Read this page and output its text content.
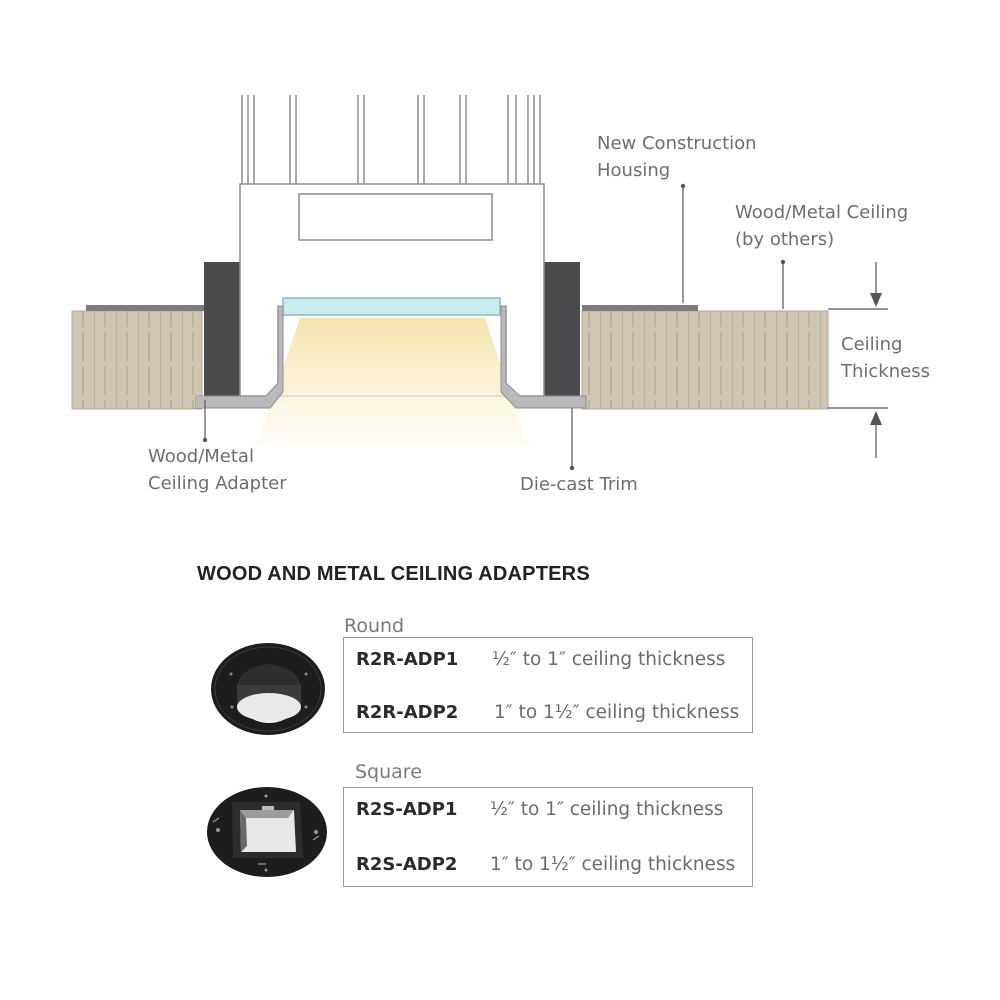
New Construction
Housing
Wood/Metal Ceiling
(by others)
Ceiling
Thickness
Wood/Metal
Ceiling Adapter	Die-cast Trim
WOOD AND METAL CEILING ADAPTERS
Round
R2R-ADP1 ½″ to 1″ ceiling thickness
R2R-ADP2 1″ to 1½″ ceiling thickness
Square
R2S-ADP1 ½″ to 1″ ceiling thickness
R2S-ADP2 1″ to 1½″ ceiling thickness
